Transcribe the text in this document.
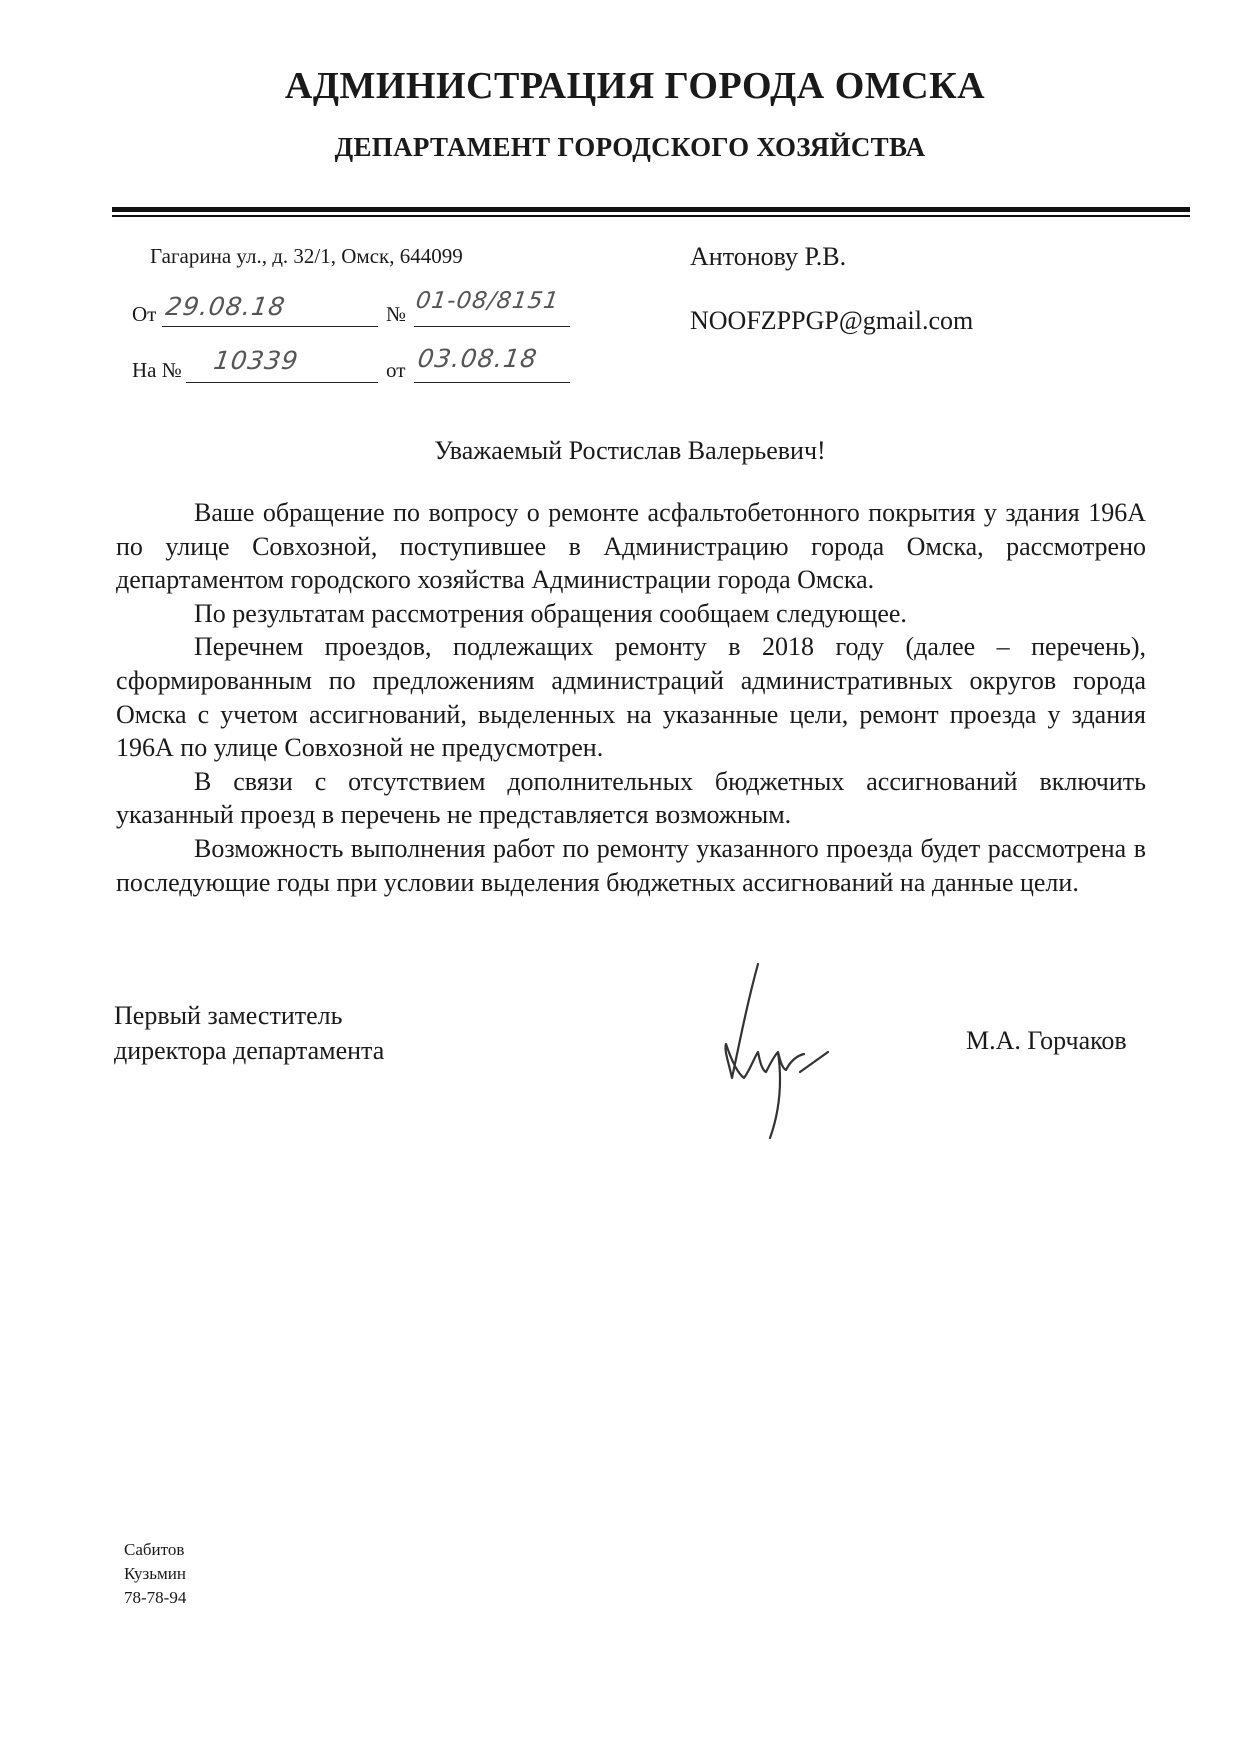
АДМИНИСТРАЦИЯ ГОРОДА ОМСКА
ДЕПАРТАМЕНТ ГОРОДСКОГО ХОЗЯЙСТВА
Гагарина ул., д. 32/1, Омск, 644099
От 29.08.18	№ 01-08/8151
На № 10339	от 03.08.18
Антонову Р.В.
NOOFZPPGP@gmail.com
Уважаемый Ростислав Валерьевич!

Ваше обращение по вопросу о ремонте асфальтобетонного покрытия у здания 196А по улице Совхозной, поступившее в Администрацию города Омска, рассмотрено департаментом городского хозяйства Администрации города Омска.

По результатам рассмотрения обращения сообщаем следующее.

Перечнем проездов, подлежащих ремонту в 2018 году (далее – перечень), сформированным по предложениям администраций административных округов города Омска с учетом ассигнований, выделенных на указанные цели, ремонт проезда у здания 196А по улице Совхозной не предусмотрен.

В связи с отсутствием дополнительных бюджетных ассигнований включить указанный проезд в перечень не представляется возможным.

Возможность выполнения работ по ремонту указанного проезда будет рассмотрена в последующие годы при условии выделения бюджетных ассигнований на данные цели.

Первый заместитель
директора департамента	М.А. Горчаков
Сабитов
Кузьмин
78-78-94
